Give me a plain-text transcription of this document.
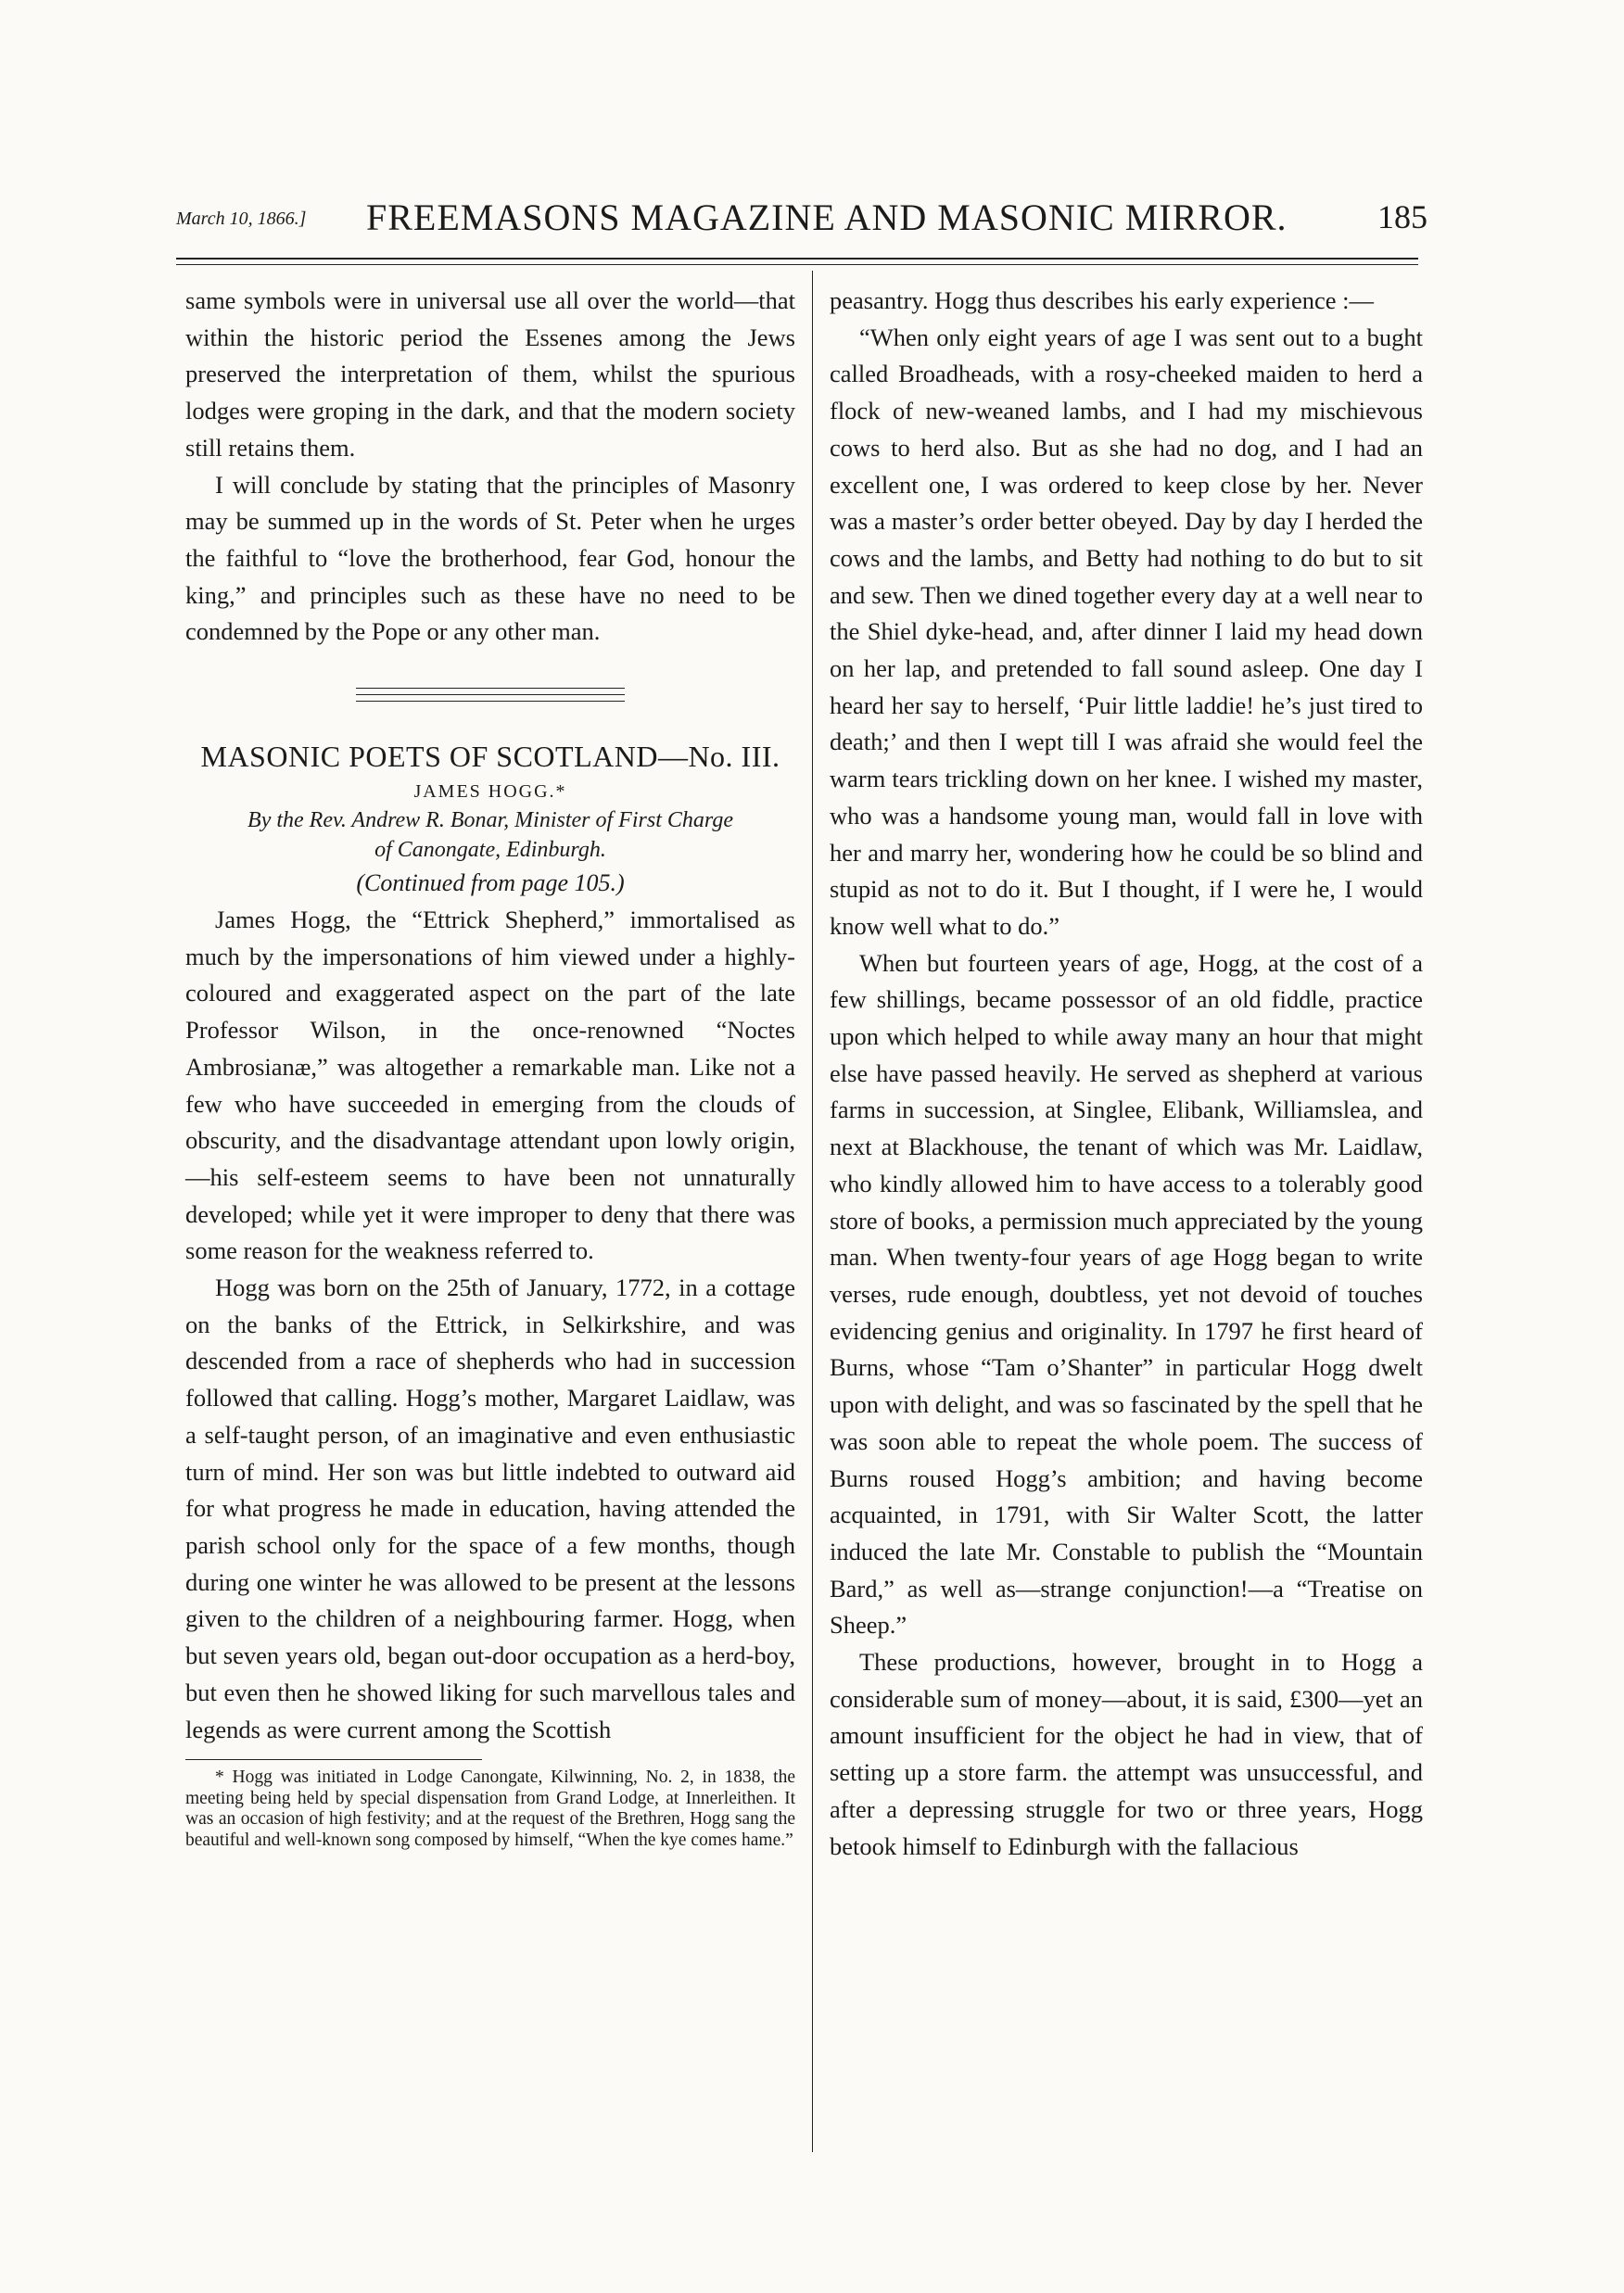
March 10, 1866.] FREEMASONS MAGAZINE AND MASONIC MIRROR.	185

same symbols were in universal use all over the world—that within the historic period the Essenes among the Jews preserved the interpretation of them, whilst the spurious lodges were groping in the dark, and that the modern society still retains them.

I will conclude by stating that the principles of Masonry may be summed up in the words of St. Peter when he urges the faithful to “love the brotherhood, fear God, honour the king,” and principles such as these have no need to be condemned by the Pope or any other man.

MASONIC POETS OF SCOTLAND—No. III.
JAMES HOGG.*
By the Rev. Andrew R. Bonar, Minister of First Charge
of Canongate, Edinburgh.
(Continued from page 105.)

James Hogg, the “Ettrick Shepherd,” immortalised as much by the impersonations of him viewed under a highly-coloured and exaggerated aspect on the part of the late Professor Wilson, in the once-renowned “Noctes Ambrosianæ,” was altogether a remarkable man. Like not a few who have succeeded in emerging from the clouds of obscurity, and the disadvantage attendant upon lowly origin,—his self-esteem seems to have been not unnaturally developed; while yet it were improper to deny that there was some reason for the weakness referred to.

Hogg was born on the 25th of January, 1772, in a cottage on the banks of the Ettrick, in Selkirkshire, and was descended from a race of shepherds who had in succession followed that calling. Hogg’s mother, Margaret Laidlaw, was a self-taught person, of an imaginative and even enthusiastic turn of mind. Her son was but little indebted to outward aid for what progress he made in education, having attended the parish school only for the space of a few months, though during one winter he was allowed to be present at the lessons given to the children of a neighbouring farmer. Hogg, when but seven years old, began out-door occupation as a herd-boy, but even then he showed liking for such marvellous tales and legends as were current among the Scottish

* Hogg was initiated in Lodge Canongate, Kilwinning, No. 2, in 1838, the meeting being held by special dispensation from Grand Lodge, at Innerleithen. It was an occasion of high festivity; and at the request of the Brethren, Hogg sang the beautiful and well-known song composed by himself, “When the kye comes hame.”

peasantry. Hogg thus describes his early experience :—

“When only eight years of age I was sent out to a bught called Broadheads, with a rosy-cheeked maiden to herd a flock of new-weaned lambs, and I had my mischievous cows to herd also. But as she had no dog, and I had an excellent one, I was ordered to keep close by her. Never was a master’s order better obeyed. Day by day I herded the cows and the lambs, and Betty had nothing to do but to sit and sew. Then we dined together every day at a well near to the Shiel dyke-head, and, after dinner I laid my head down on her lap, and pretended to fall sound asleep. One day I heard her say to herself, ‘Puir little laddie! he’s just tired to death;’ and then I wept till I was afraid she would feel the warm tears trickling down on her knee. I wished my master, who was a handsome young man, would fall in love with her and marry her, wondering how he could be so blind and stupid as not to do it. But I thought, if I were he, I would know well what to do.”

When but fourteen years of age, Hogg, at the cost of a few shillings, became possessor of an old fiddle, practice upon which helped to while away many an hour that might else have passed heavily. He served as shepherd at various farms in succession, at Singlee, Elibank, Williamslea, and next at Blackhouse, the tenant of which was Mr. Laidlaw, who kindly allowed him to have access to a tolerably good store of books, a permission much appreciated by the young man. When twenty-four years of age Hogg began to write verses, rude enough, doubtless, yet not devoid of touches evidencing genius and originality. In 1797 he first heard of Burns, whose “Tam o’Shanter” in particular Hogg dwelt upon with delight, and was so fascinated by the spell that he was soon able to repeat the whole poem. The success of Burns roused Hogg’s ambition; and having become acquainted, in 1791, with Sir Walter Scott, the latter induced the late Mr. Constable to publish the “Mountain Bard,” as well as—strange conjunction!—a “Treatise on Sheep.”

These productions, however, brought in to Hogg a considerable sum of money—about, it is said, £300—yet an amount insufficient for the object he had in view, that of setting up a store farm. the attempt was unsuccessful, and after a depressing struggle for two or three years, Hogg betook himself to Edinburgh with the fallacious
